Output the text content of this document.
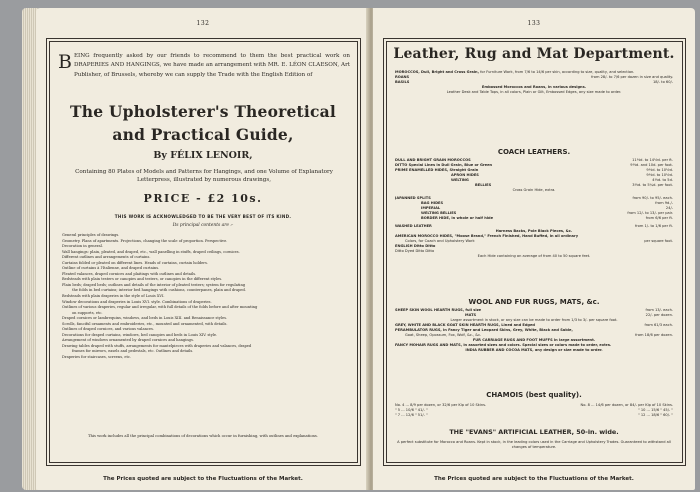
132
BEING frequently asked by our friends to recommend to them the best practical work on DRAPERIES AND HANGINGS, we have made an arrangement with MR. E. LÉON CLAESON, Art Publisher, of Brussels, whereby we can supply the Trade with the English Edition of
The Upholsterer's Theoretical
and Practical Guide,
By FÉLIX LENOIR,
Containing 80 Plates of Models and Patterns for Hangings, and one Volume of Explanatory Letterpress, illustrated by numerous drawings,
PRICE - £2 10s.
THIS WORK IS ACKNOWLEDGED TO BE THE VERY BEST OF ITS KIND.
Its principal contents are :-
General principles of drawings.
Geometry. Plans of apartments. Projections, changing the scale of proportion. Perspective.
Decoration in general.
Wall hangings: plain, pleated, and draped, etc., wall panelling in stuffs, draped ceilings, cornices.
Different outlines and arrangements of curtains.
Curtains folded or pleated on different lines. Heads of curtains, curtain holders.
Outline of curtains à l'Italienne, and draped curtains.
Pleated valances, draped cornices and plaitings with outlines and details.
Bedsteads with plain testers or canopies and testers, or canopies in the different styles.
Plain beds; draped beds; outlines and details of the interior of pleated testers; system for regulating
the folds in bed curtains; interior bed hangings with cushions, counterpanes, plain and draped.
Bedsteads with plain draperies in the style of Louis XVI.
Window decorations and draperies in Louis XVI. style. Combinations of draperies.
Outlines of various draperies, regular and irregular, with full details of the folds before and after mounting
on supports, etc.
Draped cornices or lambrequins, windows, and beds in Louis XIII. and Renaissance styles.
Scrolls, fanciful ornaments and embroideries, etc., mounted and ornamented, with details.
Outlines of draped cornices, and various valances.
Decorations for draped curtains, windows, bed canopies and beds in Louis XIV. style.
Arrangement of windows ornamented by draped cornices and hangings.
Drawing tables draped with stuffs, arrangements for mantelpieces with draperies and valances, draped
frames for mirrors, easels and pedestals, etc. Outlines and details.
Draperies for staircases, screens, etc.
This work includes all the principal combinations of decorations which occur in furnishing, with outlines and explanations.
The Prices quoted are subject to the Fluctuations of the Market.
133
Leather, Rug and Mat Department.
MOROCCOS, Dull, Bright and Cross Grain, for Furniture Work, from 7/6 to 14/6 per skin, according to size, quality, and selection.
ROANS	from 28/- to 7/6 per dozen in size and quality.
BASILS	18/- to 60/-
Embossed Moroccos and Roans, in various designs.
Leather Desk and Table Tops, in all colors, Plain or Gilt, Embossed Edges, any size made to order.
COACH LEATHERS.
DULL AND BRIGHT GRAIN MOROCCOS	11½d. to 14½d. per ft.
DITTO Special Lines in Dull Grain, Blue or Green	9½d. and 10d. per foot.
PRIME ENAMELLED HIDES, Straight Grain	9½d. to 10½d.
APRON HIDES	9½d. to 10½d.
WELTING	4½d. to 5d.
BELLIES	3½d. to 5¼d. per foot.
Cross Grain Hide, extra.
JAPANNED SPLITS	from 90/- to 95/- each.
BAG HIDES	from 9d./-
IMPERIAL	24/-
WELTING BELLIES	from 12/- to 13/- per pair.
BORDER HIDE, in whole or half hide	from 6/6 per ft.
WASHED LEATHER	from 1/- to 1/6 per ft.
Harness Backs, Pole Black Pieces, &c.
AMERICAN MOROCCO HIDES, "Moose Brand," French Finished, Hand Buffed, in all ordinary
Colors, for Coach and Upholstery Work	per square foot.
ENGLISH Ditto Ditto
Ditto Dyed Ditto Ditto
Each Hide containing an average of from 40 to 50 square feet.
WOOL AND FUR RUGS, MATS, &c.
SHEEP SKIN WOOL HEARTH RUGS, full size	from 13/- each.
MATS	22/- per dozen.
Larger assortment in stock, or any size can be made to order from 1/3 to 3/- per square foot.
GREY, WHITE AND BLACK GOAT SKIN HEARTH RUGS, Lined and Edged	from 61/3 each.
PERAMBULATOR RUGS, in Fancy Tiger and Leopard Skins, Grey, White, Black and Sable,
Goat, Sheep, Opossum, Fox, Wolf, &c., &c.	from 18/6 per dozen.
FUR CARRIAGE RUGS AND FOOT MUFFS in large assortment.
FANCY MOHAIR RUGS AND MATS, in assorted sizes and colors. Special sizes or colors made to order, extra.
INDIA RUBBER AND COCOA MATS, any design or size made to order.
CHAMOIS (best quality).
No. 4 ... 8/9 per dozen, or 32/6 per Kip of 10 Skins.	No. 8 ... 14/6 per dozen, or 84/- per Kip of 10 Skins.
" 5 ... 10/6 " 41/- "	" 10 ... 15/6 " 45/- "
" 7 ... 12/6 " 51/- "	" 12 ... 18/6 " 60/- "
THE "EVANS" ARTIFICIAL LEATHER, 50-in. wide.
A perfect substitute for Morocco and Roans. Kept in stock, in the leading colors used in the Carriage and Upholstery Trades. Guaranteed to withstand all changes of temperature.
The Prices quoted are subject to the Fluctuations of the Market.
